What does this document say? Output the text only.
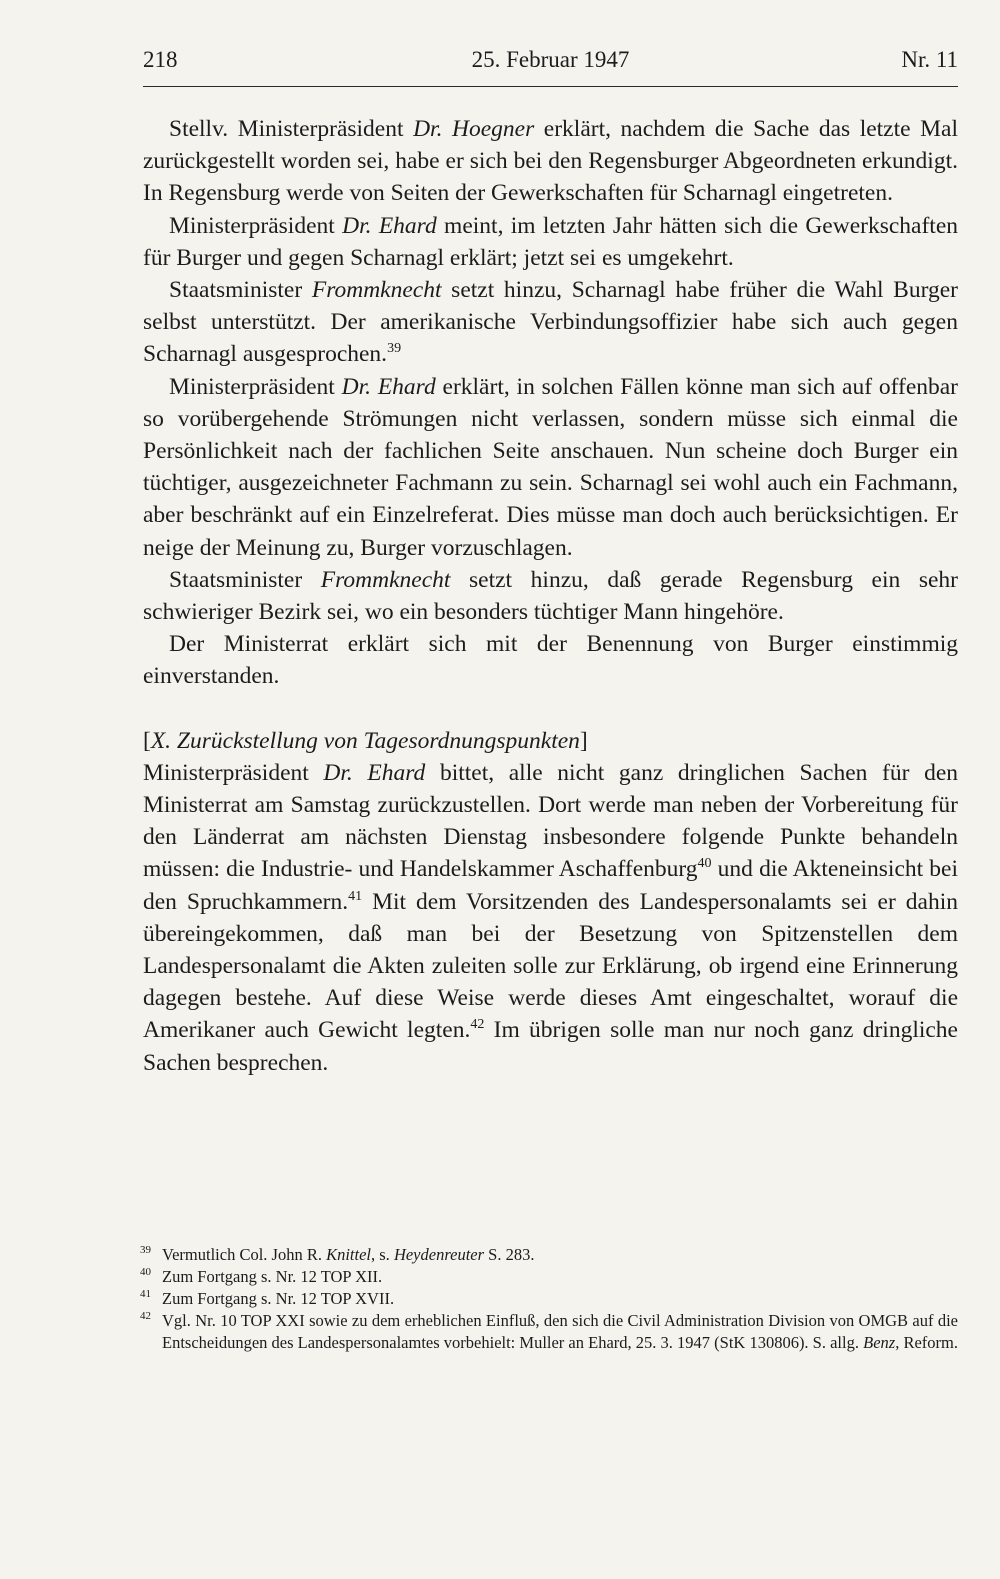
218	25. Februar 1947	Nr. 11

Stellv. Ministerpräsident Dr. Hoegner erklärt, nachdem die Sache das letzte Mal zurückgestellt worden sei, habe er sich bei den Regensburger Abgeordneten erkundigt. In Regensburg werde von Seiten der Gewerkschaften für Scharnagl eingetreten.

Ministerpräsident Dr. Ehard meint, im letzten Jahr hätten sich die Gewerkschaften für Burger und gegen Scharnagl erklärt; jetzt sei es umgekehrt.

Staatsminister Frommknecht setzt hinzu, Scharnagl habe früher die Wahl Burger selbst unterstützt. Der amerikanische Verbindungsoffizier habe sich auch gegen Scharnagl ausgesprochen.$^{39}$

Ministerpräsident Dr. Ehard erklärt, in solchen Fällen könne man sich auf offenbar so vorübergehende Strömungen nicht verlassen, sondern müsse sich einmal die Persönlichkeit nach der fachlichen Seite anschauen. Nun scheine doch Burger ein tüchtiger, ausgezeichneter Fachmann zu sein. Scharnagl sei wohl auch ein Fachmann, aber beschränkt auf ein Einzelreferat. Dies müsse man doch auch berücksichtigen. Er neige der Meinung zu, Burger vorzuschlagen.

Staatsminister Frommknecht setzt hinzu, daß gerade Regensburg ein sehr schwieriger Bezirk sei, wo ein besonders tüchtiger Mann hingehöre.

Der Ministerrat erklärt sich mit der Benennung von Burger einstimmig einverstanden.

[X. Zurückstellung von Tagesordnungspunkten]

Ministerpräsident Dr. Ehard bittet, alle nicht ganz dringlichen Sachen für den Ministerrat am Samstag zurückzustellen. Dort werde man neben der Vorbereitung für den Länderrat am nächsten Dienstag insbesondere folgende Punkte behandeln müssen: die Industrie- und Handelskammer Aschaffenburg$^{40}$ und die Akteneinsicht bei den Spruchkammern.$^{41}$ Mit dem Vorsitzenden des Landespersonalamts sei er dahin übereingekommen, daß man bei der Besetzung von Spitzenstellen dem Landespersonalamt die Akten zuleiten solle zur Erklärung, ob irgend eine Erinnerung dagegen bestehe. Auf diese Weise werde dieses Amt eingeschaltet, worauf die Amerikaner auch Gewicht legten.$^{42}$ Im übrigen solle man nur noch ganz dringliche Sachen besprechen.

39 Vermutlich Col. John R. Knittel, s. Heydenreuter S. 283.
40 Zum Fortgang s. Nr. 12 TOP XII.
41 Zum Fortgang s. Nr. 12 TOP XVII.
42 Vgl. Nr. 10 TOP XXI sowie zu dem erheblichen Einfluß, den sich die Civil Administration Division von OMGB auf die Entscheidungen des Landespersonalamtes vorbehielt: Muller an Ehard, 25. 3. 1947 (StK 130806). S. allg. Benz, Reform.
